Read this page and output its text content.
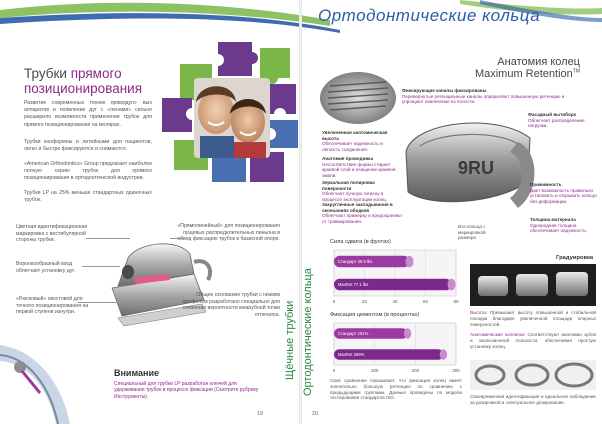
Ортодонтические кольца
Трубки прямого позиционирования
Развитие современных техник прямодуго- вых аппаратов и появление дуг с «ленами» сильно расширило возможности применения трубок для прямого позиционирования на молярах.
Трубки конформны и литейными для пациентов, легко и быстро фиксируются и снимаются.
«American Orthodontics» Group предлагает наиболее полную серию трубок для прямого позиционирования в ортодонтической индустрии.
Трубки LP на 25% меньше стандартных одиночных трубок.
Цветная идентификационная маркировка с вестибулярной стороны трубки.
Воронкообразный вход облегчает установку дуг.
«Рюсковый» хвостовой для точного позиционирования на первой ступени изнутри.
«Прямолинейный» для позиционирования лущевых распределительных пиньона в обход фиксацию трубок в базисной опоре.
Общее основание трубки с низким профилем разработано специально для снижения вероятности межзубной точки отпечатка.
Внимание
Специальный для трубки LP разработан ключей для удерживания трубок в процессе фиксации (Смотрите рубрику Инструменты).
19
Щёчные трубки Ортодонтические кольца
Анатомия колец
Maximum Retention™
9RU
Фиксирующие каналы фиксированы
Перевернутые ретенционные каналы определяют повышенную ретенцию и упрощают извлечение из полости.
Увеличенная анатомическая высота
Обеспечивает надежность и лёгкость соединения.
Анатомия проводника
Несоответствие формы стирает краевой слой и очищение краевой эмали.
Зеркальная полировка поверхности
Облегчает лучшую гигиену в процессе эксплуатации колец.
Закругленные закладывания в окончаниях ободков
Облегчают примерку и предохраняют от травмирования.
Фасадный вытиборк
Облегчает распределение нагрузки.
Прижимность
Дает возможность правильно установить и открывать кольцо без деформации.
Толщина материала
Однородная толщина обеспечивает надежность.
Все кольца с маркировкой размера
Сила сдвига (в фунтах)
0	20	40	60	80
Стандарт 49.5 lbs
MaxRet 77.1 lbs
Фиксация цементом (в процентах)
0	100	200	300
Стандарт 181%
MaxRet 269%
Своё сравнение показывает, что фиксация колец имеет значительно большую ретенцию по сравнению с предыдущими группами. Данные проведены по модели тестирования стандартов ISO.
Градуировка
Высота: Превышает высоту повышенной и стабильной посадки благодаря увеличенной площади опорных поверхностей.
Анатомические колпачки: Соответствуют анатомии зубов и окклюзионной плоскости, обеспечивая простую установку колец.
Своевременная идентификация и идеальное наблюдение за дозировкой и спектральное дозирование.
20
